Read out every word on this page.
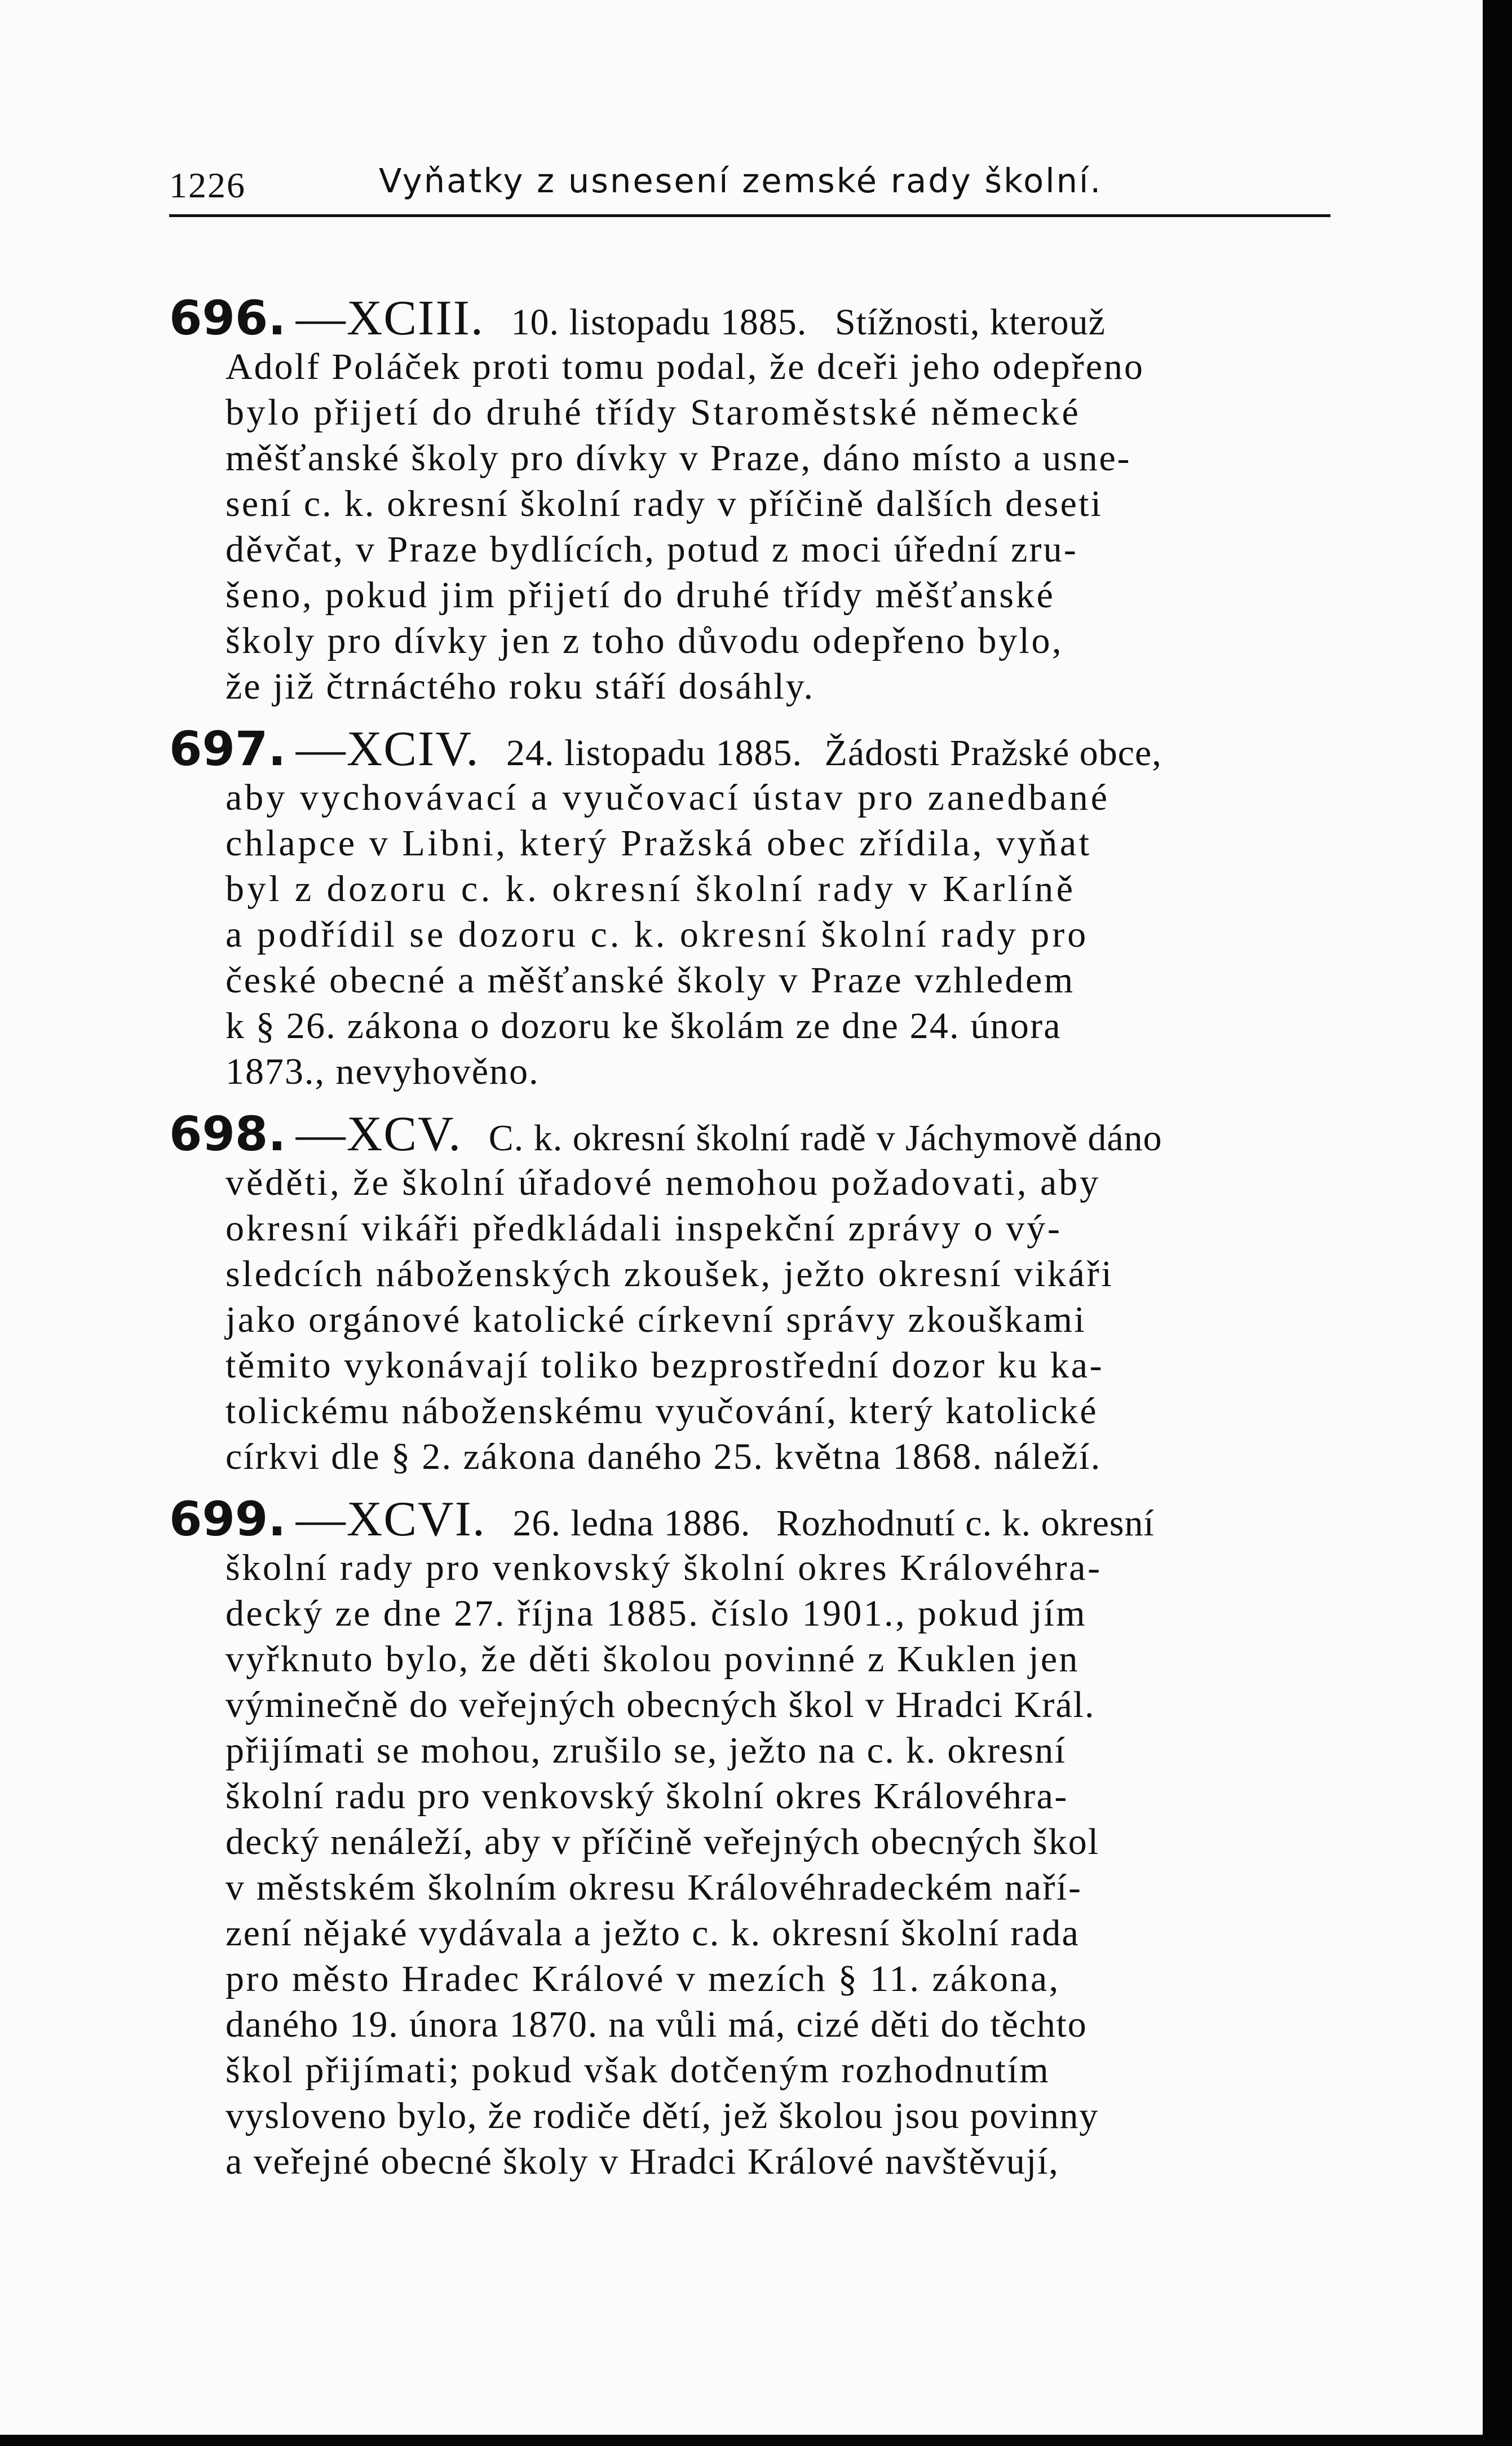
1226	Vyňatky z usnesení zemské rady školní.
696. —XCIII. 10. listopadu 1885. Stížnosti, kterouž
Adolf Poláček proti tomu podal, že dceři jeho odepřeno
bylo přijetí do druhé třídy Staroměstské německé
měšťanské školy pro dívky v Praze, dáno místo a usne-
sení c. k. okresní školní rady v příčině dalších deseti
děvčat, v Praze bydlících, potud z moci úřední zru-
šeno, pokud jim přijetí do druhé třídy měšťanské
školy pro dívky jen z toho důvodu odepřeno bylo,
že již čtrnáctého roku stáří dosáhly.
697. —XCIV. 24. listopadu 1885. Žádosti Pražské obce,
aby vychovávací a vyučovací ústav pro zanedbané
chlapce v Libni, který Pražská obec zřídila, vyňat
byl z dozoru c. k. okresní školní rady v Karlíně
a podřídil se dozoru c. k. okresní školní rady pro
české obecné a měšťanské školy v Praze vzhledem
k § 26. zákona o dozoru ke školám ze dne 24. února
1873., nevyhověno.
698. —XCV. C. k. okresní školní radě v Jáchymově dáno
věděti, že školní úřadové nemohou požadovati, aby
okresní vikáři předkládali inspekční zprávy o vý-
sledcích náboženských zkoušek, ježto okresní vikáři
jako orgánové katolické církevní správy zkouškami
těmito vykonávají toliko bezprostřední dozor ku ka-
tolickému náboženskému vyučování, který katolické
církvi dle § 2. zákona daného 25. května 1868. náleží.
699. —XCVI. 26. ledna 1886. Rozhodnutí c. k. okresní
školní rady pro venkovský školní okres Královéhra-
decký ze dne 27. října 1885. číslo 1901., pokud jím
vyřknuto bylo, že děti školou povinné z Kuklen jen
výminečně do veřejných obecných škol v Hradci Král.
přijímati se mohou, zrušilo se, ježto na c. k. okresní
školní radu pro venkovský školní okres Královéhra-
decký nenáleží, aby v příčině veřejných obecných škol
v městském školním okresu Královéhradeckém naří-
zení nějaké vydávala a ježto c. k. okresní školní rada
pro město Hradec Králové v mezích § 11. zákona,
daného 19. února 1870. na vůli má, cizé děti do těchto
škol přijímati; pokud však dotčeným rozhodnutím
vysloveno bylo, že rodiče dětí, jež školou jsou povinny
a veřejné obecné školy v Hradci Králové navštěvují,
